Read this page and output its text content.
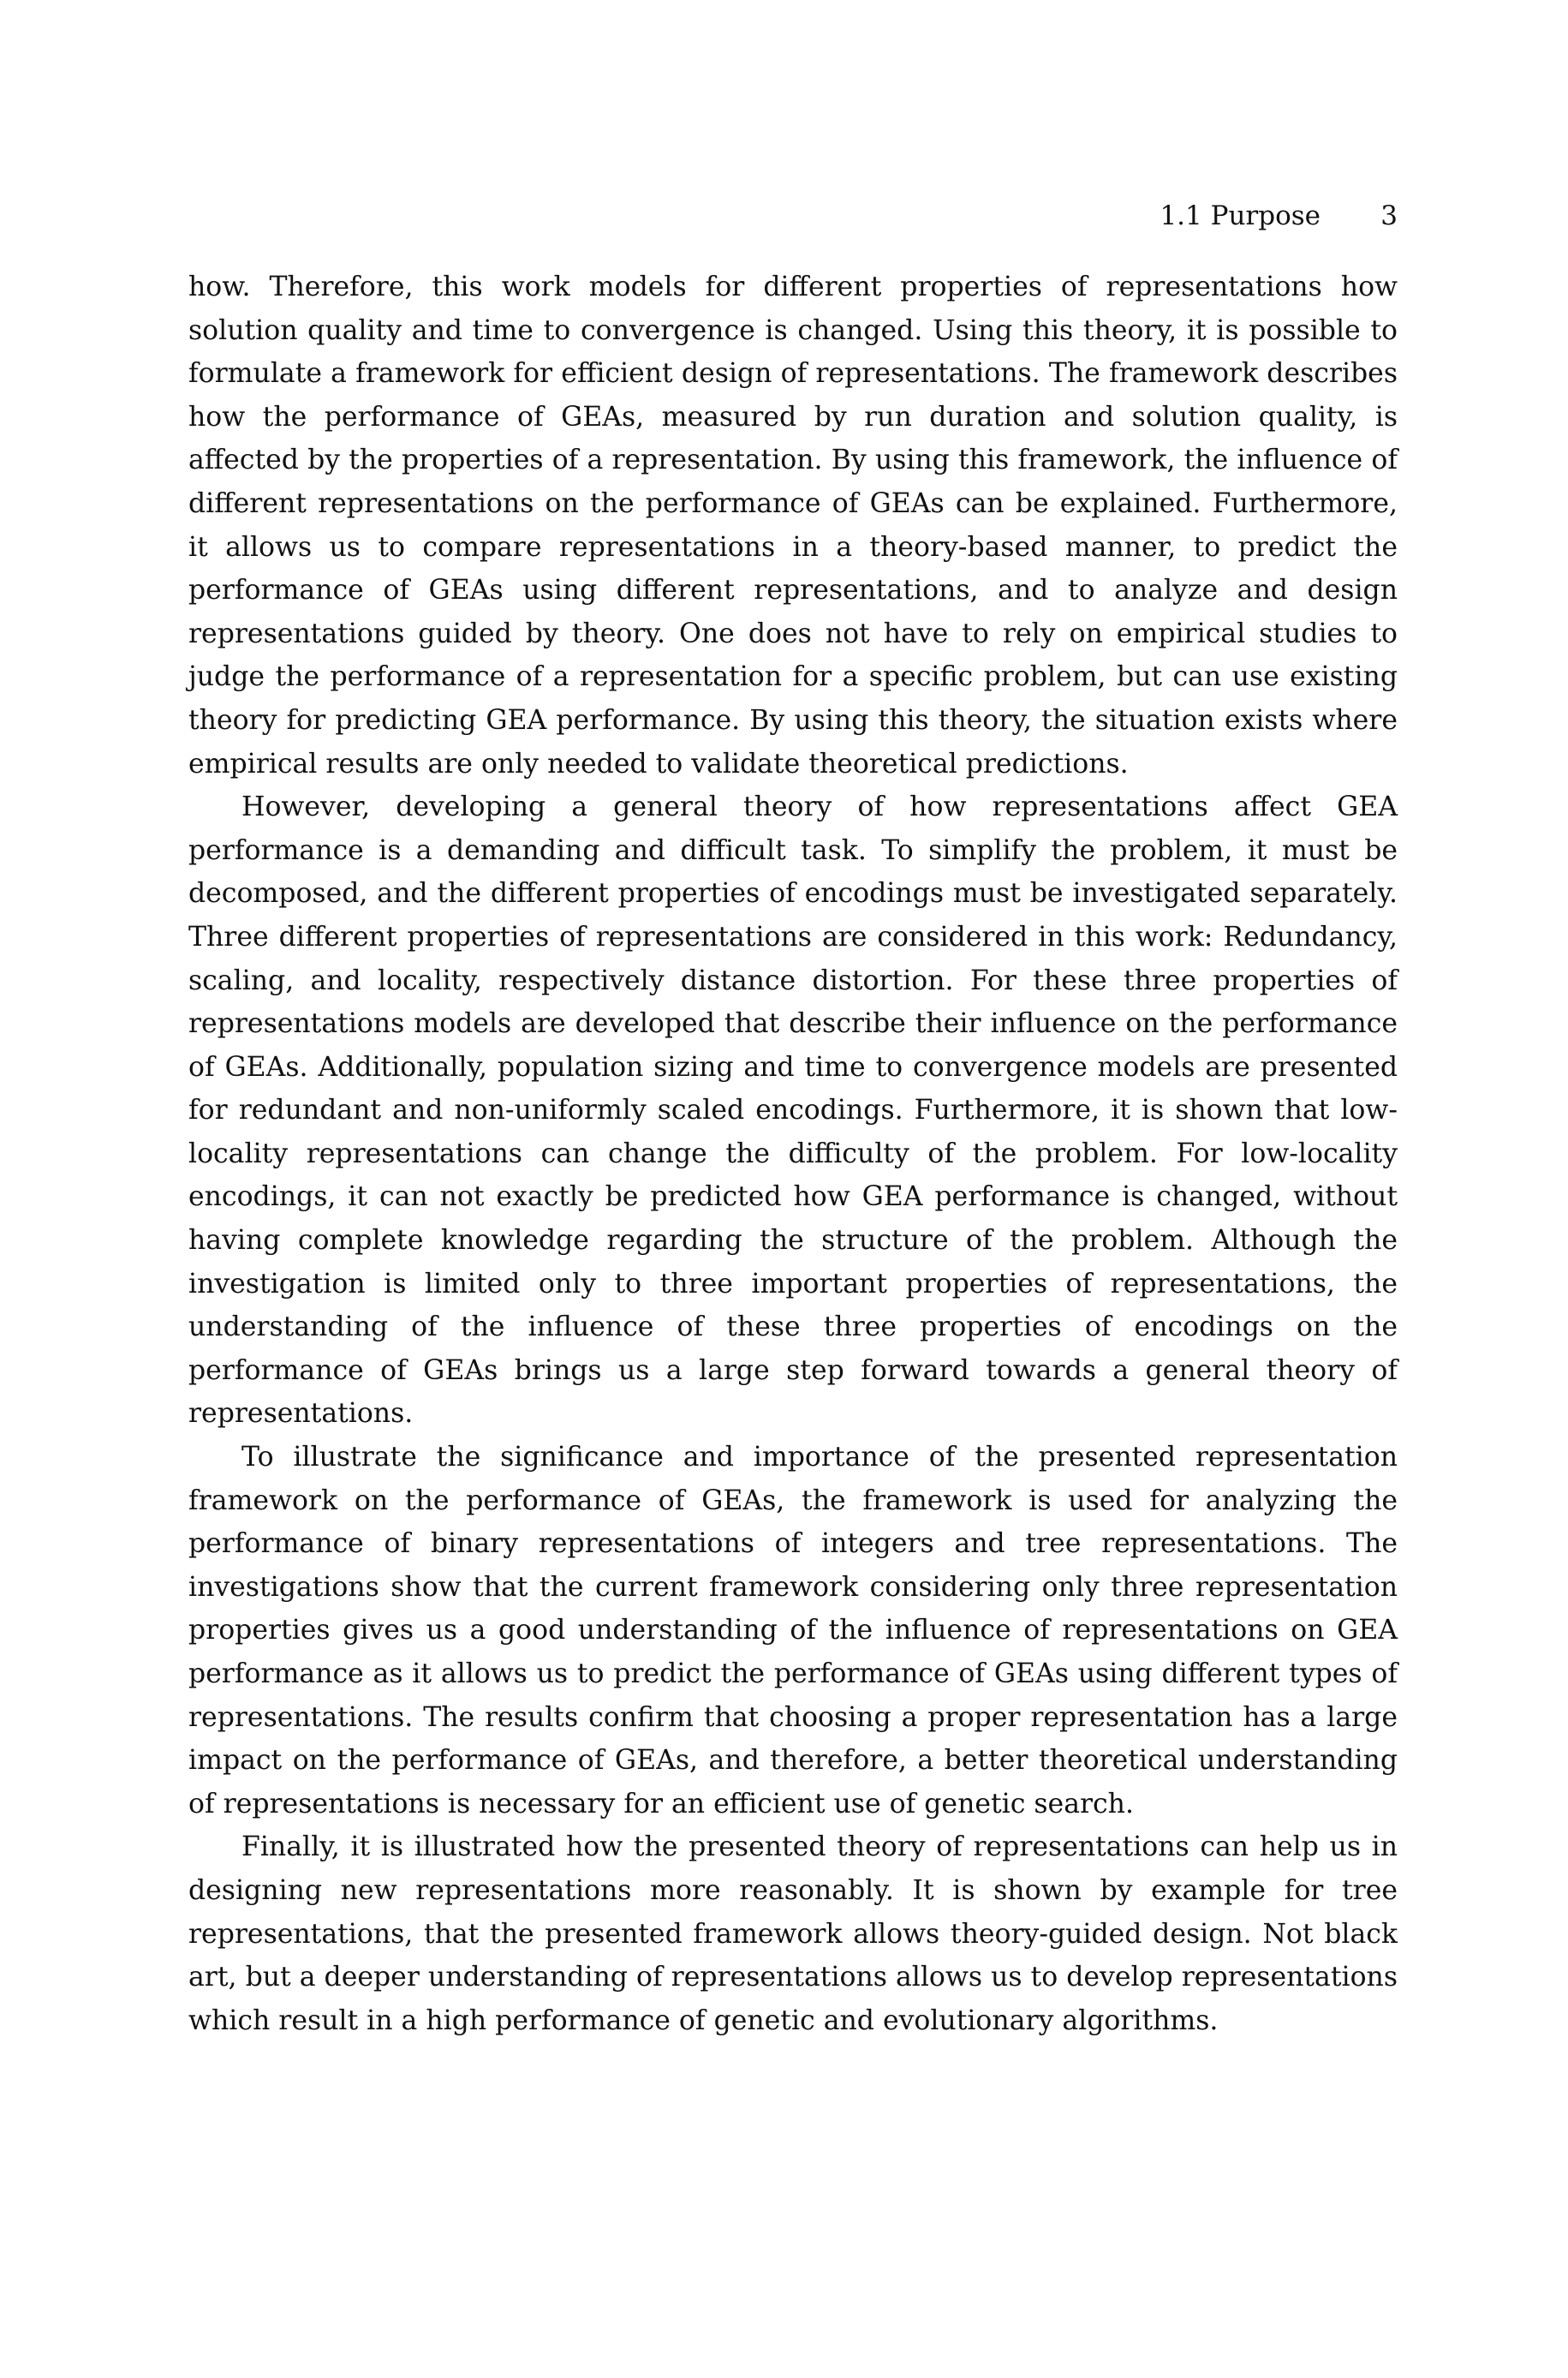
1.1 Purpose 3

how. Therefore, this work models for different properties of representations how solution quality and time to convergence is changed. Using this theory, it is possible to formulate a framework for efficient design of representations. The framework describes how the performance of GEAs, measured by run duration and solution quality, is affected by the properties of a representation. By using this framework, the influence of different representations on the performance of GEAs can be explained. Furthermore, it allows us to compare representations in a theory-based manner, to predict the performance of GEAs using different representations, and to analyze and design representations guided by theory. One does not have to rely on empirical studies to judge the performance of a representation for a specific problem, but can use existing theory for predicting GEA performance. By using this theory, the situation exists where empirical results are only needed to validate theoretical predictions.

However, developing a general theory of how representations affect GEA performance is a demanding and difficult task. To simplify the problem, it must be decomposed, and the different properties of encodings must be investigated separately. Three different properties of representations are considered in this work: Redundancy, scaling, and locality, respectively distance distortion. For these three properties of representations models are developed that describe their influence on the performance of GEAs. Additionally, population sizing and time to convergence models are presented for redundant and non-uniformly scaled encodings. Furthermore, it is shown that low-locality representations can change the difficulty of the problem. For low-locality encodings, it can not exactly be predicted how GEA performance is changed, without having complete knowledge regarding the structure of the problem. Although the investigation is limited only to three important properties of representations, the understanding of the influence of these three properties of encodings on the performance of GEAs brings us a large step forward towards a general theory of representations.

To illustrate the significance and importance of the presented representation framework on the performance of GEAs, the framework is used for analyzing the performance of binary representations of integers and tree representations. The investigations show that the current framework considering only three representation properties gives us a good understanding of the influence of representations on GEA performance as it allows us to predict the performance of GEAs using different types of representations. The results confirm that choosing a proper representation has a large impact on the performance of GEAs, and therefore, a better theoretical understanding of representations is necessary for an efficient use of genetic search.

Finally, it is illustrated how the presented theory of representations can help us in designing new representations more reasonably. It is shown by example for tree representations, that the presented framework allows theory-guided design. Not black art, but a deeper understanding of representations allows us to develop representations which result in a high performance of genetic and evolutionary algorithms.
